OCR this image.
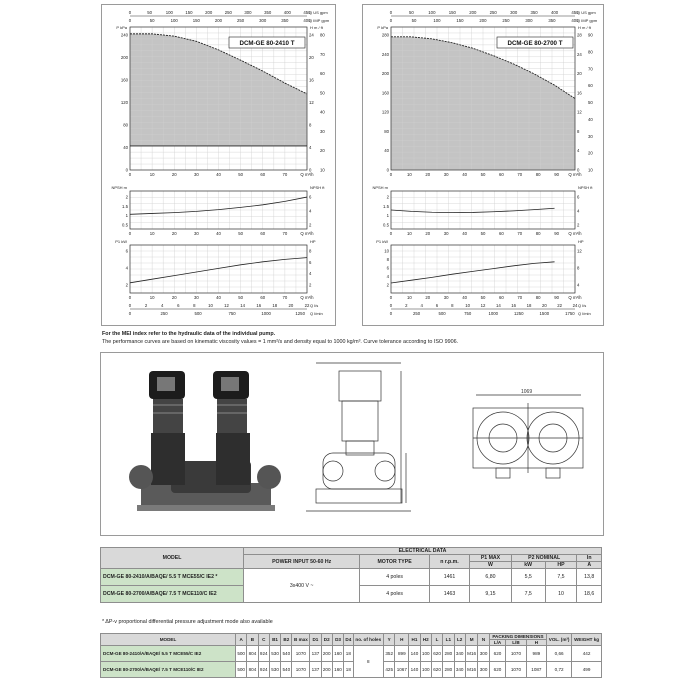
0	50	100	150	200	250	300	350	400	450
0	50	100	150	200	250	300	350	400
Q US gpm
Q IMP gpm
P kPa
240
200
160
120
80
40
0
H m / ft
24
20
16
12
8
4
0
80
70
60
50
40
30
20
10
DCM-GE 80-2410 T
0	10	20	30	40	50	60	70	Q m³/h
NPSH m	NPSH ft
2
1.5
1
0.5
6
4
2
0	10	20	30	40	50	60	70	Q m³/h
P1 kW	HP
6
4
2
8
6
4
2
0	10	20	30	40	50	60	70	Q m³/h
0	2	4	6	8	10	12	14	16	18	20	22
0	250	500	750	1000	1250
Q l/s
Q l/min
0	50	100	150	200	250	300	350	400	450
0	50	100	150	200	250	300	350	400
Q US gpm
Q IMP gpm
P kPa
280
240
200
160
120
80
40
0
H m / ft
28
24
20
16
12
8
4
0
90
80
70
60
50
40
30
20
10
DCM-GE 80-2700 T
0	10	20	30	40	50	60	70	80	90 Q m³/h
NPSH m	NPSH ft
2
1.5
1
0.5
6
4
2
0	10	20	30	40	50	60	70	80	90 Q m³/h
P1 kW	HP
10
8
6
4
2
12
8
4
0	10	20	30	40	50	60	70	80	90 Q m³/h
0	2	4	6	8	10 12 14 16 18 20 22 24
0	250	500	750	1000	1250	1500	1750
Q l/s
Q l/min
For the MEI index refer to the hydraulic data of the individual pump.
The performance curves are based on kinematic viscosity values = 1 mm²/s and density equal to 1000 kg/m³. Curve tolerance according to ISO 9906.
1069
MODEL	ELECTRICAL DATA						
	POWER INPUT 50-60 Hz	MOTOR TYPE	n r.p.m.	P1 MAX	P2 NOMINAL		In
				W	kW	HP	A
DCM-GE 80-2410/A/BAQE/ 5.5 T MCE55/C IE2 *	3x400 V ~	4 poles	1461	6,80	5,5	7,5	13,8
DCM-GE 80-2700/A/BAQE/ 7.5 T MCE110/C IE2		4 poles	1463	9,15	7,5	10	18,6
* ΔP-v proportional differential pressure adjustment mode also available
MODEL	A	B	C	B1	B2	B max	D1	D2	D3	D4	no. of holes	Y	H	H1	H2	L	L1	L2	M	N	PACKING DIMENSIONS			VOL. (m³)	WEIGHT kg
																					L/A	L/B	H		
DCM-GE 80-2410/A/BAQE/ 5.5 T MCE55/C IE2	500	804	924	530	540	1070	137	200	160	18	8	352	899	140	100	620	280	340	M16	300	620	1070	989	0,66	442
DCM-GE 80-2700/A/BAQE/ 7.5 T MCE110/C IE2	500	804	924	530	540	1070	137	200	160	18		425	1067	140	100	620	280	340	M16	300	620	1070	1087	0,72	499
